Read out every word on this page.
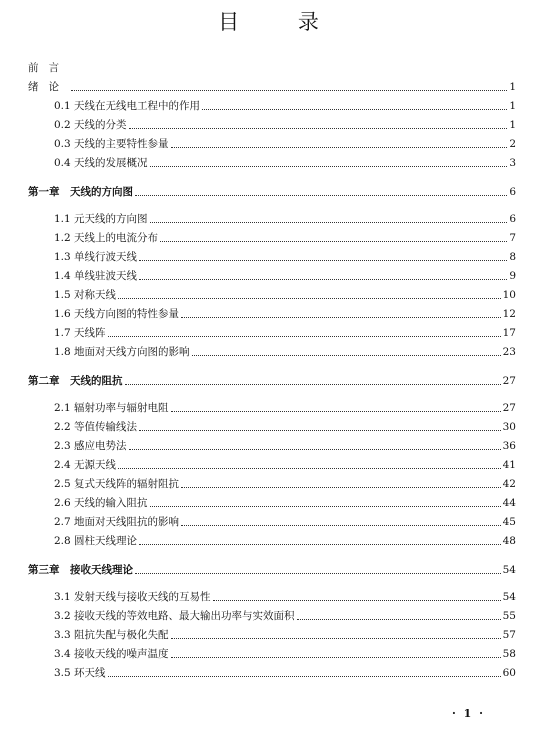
目 录
前言
绪论	1
0.1 天线在无线电工程中的作用	1
0.2 天线的分类	1
0.3 天线的主要特性参量	2
0.4 天线的发展概况	3
第一章　天线的方向图	6
1.1 元天线的方向图	6
1.2 天线上的电流分布	7
1.3 单线行波天线	8
1.4 单线驻波天线	9
1.5 对称天线	10
1.6 天线方向图的特性参量	12
1.7 天线阵	17
1.8 地面对天线方向图的影响	23
第二章　天线的阻抗	27
2.1 辐射功率与辐射电阻	27
2.2 等值传输线法	30
2.3 感应电势法	36
2.4 无源天线	41
2.5 复式天线阵的辐射阻抗	42
2.6 天线的输入阻抗	44
2.7 地面对天线阻抗的影响	45
2.8 圆柱天线理论	48
第三章　接收天线理论	54
3.1 发射天线与接收天线的互易性	54
3.2 接收天线的等效电路、最大输出功率与实效面积	55
3.3 阻抗失配与极化失配	57
3.4 接收天线的噪声温度	58
3.5 环天线	60
· 1 ·
